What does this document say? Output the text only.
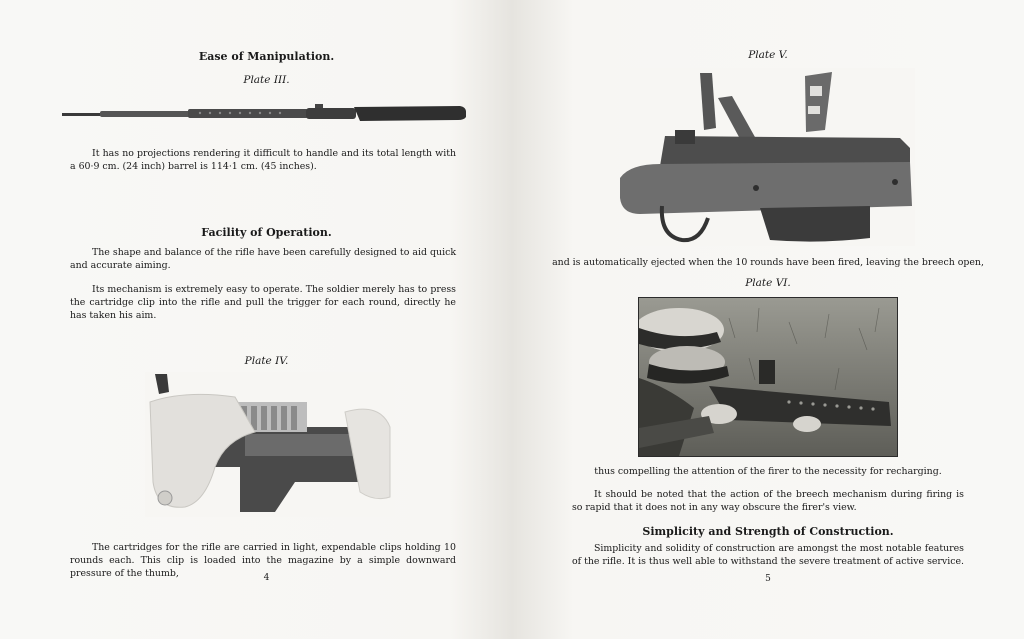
Ease of Manipulation.
Plate III.
It has no projections rendering it difficult to handle and its total length with a 60·9 cm. (24 inch) barrel is 114·1 cm. (45 inches).
Facility of Operation.
The shape and balance of the rifle have been carefully designed to aid quick and accurate aiming.
Its mechanism is extremely easy to operate. The soldier merely has to press the cartridge clip into the rifle and pull the trigger for each round, directly he has taken his aim.
Plate IV.
The cartridges for the rifle are carried in light, expendable clips holding 10 rounds each. This clip is loaded into the magazine by a simple downward pressure of the thumb,	4
Plate V.
and is automatically ejected when the 10 rounds have been fired, leaving the breech open,
Plate VI.
thus compelling the attention of the firer to the necessity for recharging.
It should be noted that the action of the breech mechanism during firing is so rapid that it does not in any way obscure the firer's view.
Simplicity and Strength of Construction.
Simplicity and solidity of construction are amongst the most notable features of the rifle. It is thus well able to withstand the severe treatment of active service.
5
